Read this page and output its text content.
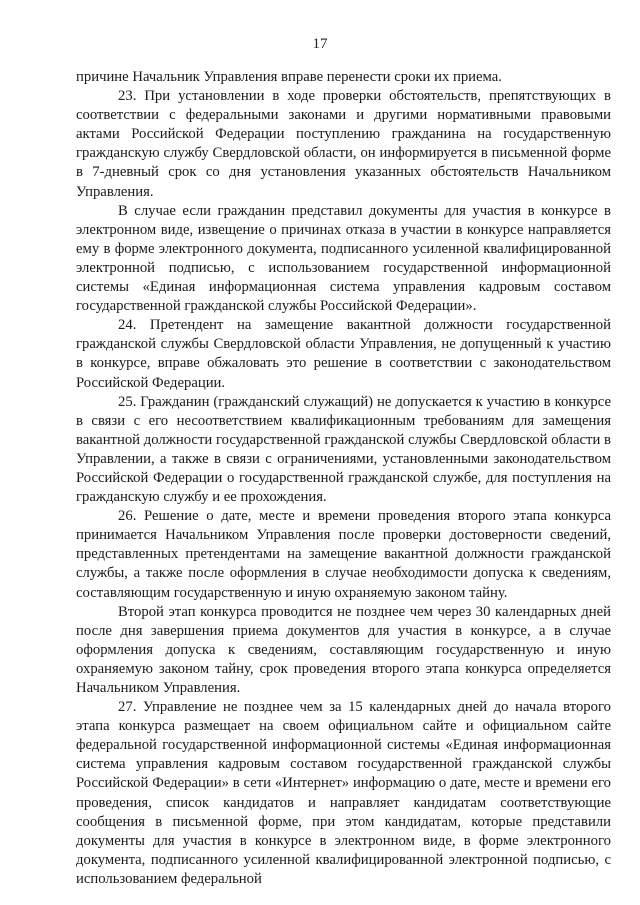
17

причине Начальник Управления вправе перенести сроки их приема.

23. При установлении в ходе проверки обстоятельств, препятствующих в соответствии с федеральными законами и другими нормативными правовыми актами Российской Федерации поступлению гражданина на государственную гражданскую службу Свердловской области, он информируется в письменной форме в 7-дневный срок со дня установления указанных обстоятельств Начальником Управления.

В случае если гражданин представил документы для участия в конкурсе в электронном виде, извещение о причинах отказа в участии в конкурсе направляется ему в форме электронного документа, подписанного усиленной квалифицированной электронной подписью, с использованием государственной информационной системы «Единая информационная система управления кадровым составом государственной гражданской службы Российской Федерации».

24. Претендент на замещение вакантной должности государственной гражданской службы Свердловской области Управления, не допущенный к участию в конкурсе, вправе обжаловать это решение в соответствии с законодательством Российской Федерации.

25. Гражданин (гражданский служащий) не допускается к участию в конкурсе в связи с его несоответствием квалификационным требованиям для замещения вакантной должности государственной гражданской службы Свердловской области в Управлении, а также в связи с ограничениями, установленными законодательством Российской Федерации о государственной гражданской службе, для поступления на гражданскую службу и ее прохождения.

26. Решение о дате, месте и времени проведения второго этапа конкурса принимается Начальником Управления после проверки достоверности сведений, представленных претендентами на замещение вакантной должности гражданской службы, а также после оформления в случае необходимости допуска к сведениям, составляющим государственную и иную охраняемую законом тайну.

Второй этап конкурса проводится не позднее чем через 30 календарных дней после дня завершения приема документов для участия в конкурсе, а в случае оформления допуска к сведениям, составляющим государственную и иную охраняемую законом тайну, срок проведения второго этапа конкурса определяется Начальником Управления.

27. Управление не позднее чем за 15 календарных дней до начала второго этапа конкурса размещает на своем официальном сайте и официальном сайте федеральной государственной информационной системы «Единая информационная система управления кадровым составом государственной гражданской службы Российской Федерации» в сети «Интернет» информацию о дате, месте и времени его проведения, список кандидатов и направляет кандидатам соответствующие сообщения в письменной форме, при этом кандидатам, которые представили документы для участия в конкурсе в электронном виде, в форме электронного документа, подписанного усиленной квалифицированной электронной подписью, с использованием федеральной
